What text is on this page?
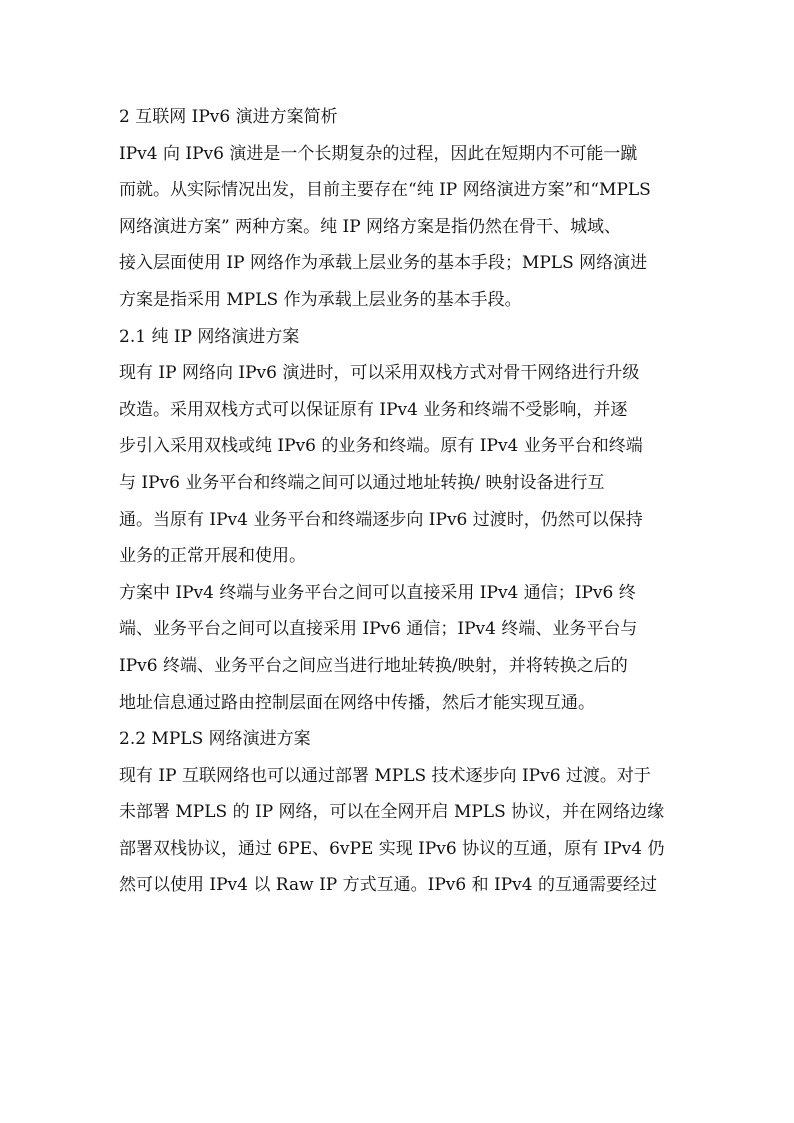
2 互联网 IPv6 演进方案简析
IPv4 向 IPv6 演进是一个长期复杂的过程，因此在短期内不可能一蹴
而就。从实际情况出发，目前主要存在“纯 IP 网络演进方案”和“MPLS
网络演进方案” 两种方案。纯 IP 网络方案是指仍然在骨干、城域、
接入层面使用 IP 网络作为承载上层业务的基本手段；MPLS 网络演进
方案是指采用 MPLS 作为承载上层业务的基本手段。
2.1 纯 IP 网络演进方案
现有 IP 网络向 IPv6 演进时，可以采用双栈方式对骨干网络进行升级
改造。采用双栈方式可以保证原有 IPv4 业务和终端不受影响，并逐
步引入采用双栈或纯 IPv6 的业务和终端。原有 IPv4 业务平台和终端
与 IPv6 业务平台和终端之间可以通过地址转换/ 映射设备进行互
通。当原有 IPv4 业务平台和终端逐步向 IPv6 过渡时，仍然可以保持
业务的正常开展和使用。
方案中 IPv4 终端与业务平台之间可以直接采用 IPv4 通信；IPv6 终
端、业务平台之间可以直接采用 IPv6 通信；IPv4 终端、业务平台与
IPv6 终端、业务平台之间应当进行地址转换/映射，并将转换之后的
地址信息通过路由控制层面在网络中传播，然后才能实现互通。
2.2 MPLS 网络演进方案
现有 IP 互联网络也可以通过部署 MPLS 技术逐步向 IPv6 过渡。对于
未部署 MPLS 的 IP 网络，可以在全网开启 MPLS 协议，并在网络边缘
部署双栈协议，通过 6PE、6vPE 实现 IPv6 协议的互通，原有 IPv4 仍
然可以使用 IPv4 以 Raw IP 方式互通。IPv6 和 IPv4 的互通需要经过
